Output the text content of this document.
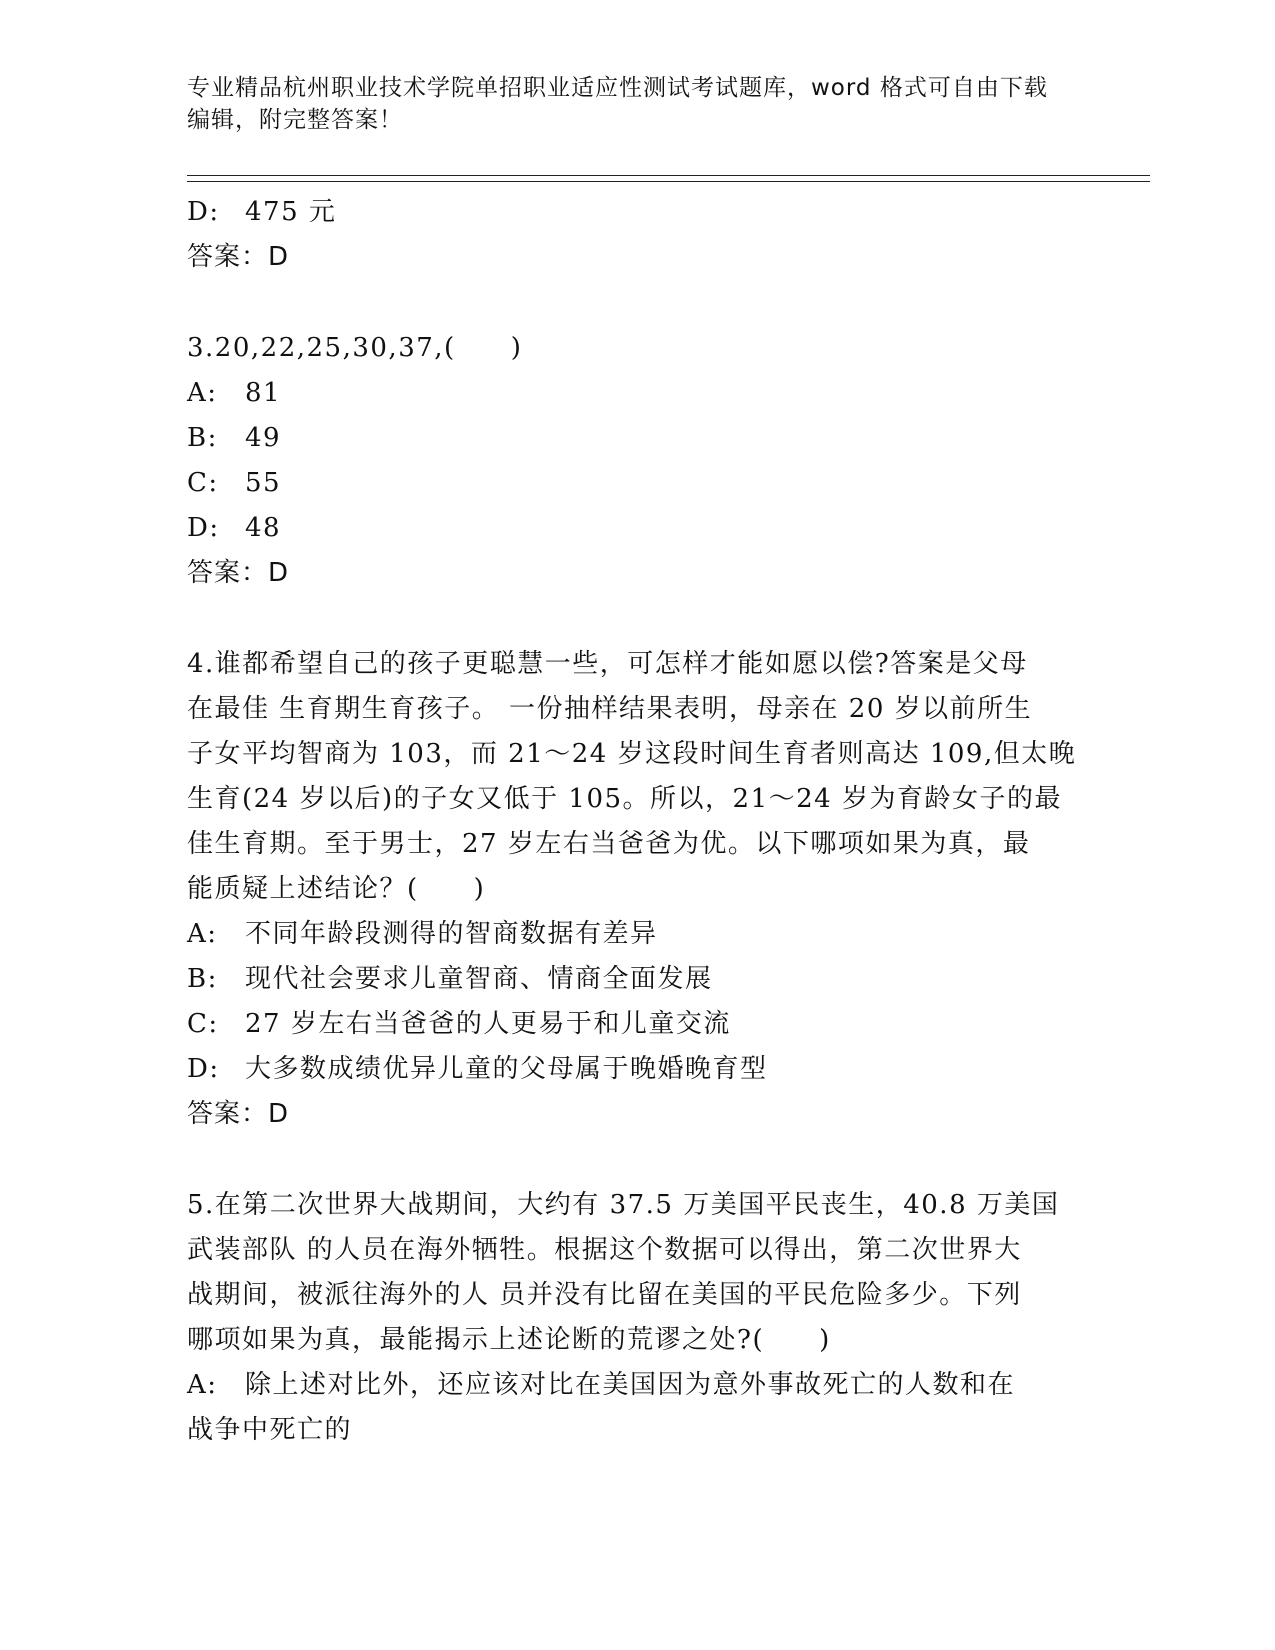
专业精品杭州职业技术学院单招职业适应性测试考试题库，word 格式可自由下载
编辑，附完整答案！
D: 475 元
答案：D
3.20,22,25,30,37,(　　)
A: 81
B: 49
C: 55
D: 48
答案：D
4.谁都希望自己的孩子更聪慧一些，可怎样才能如愿以偿?答案是父母
在最佳 生育期生育孩子。 一份抽样结果表明，母亲在 20 岁以前所生
子女平均智商为 103，而 21～24 岁这段时间生育者则高达 109,但太晚
生育(24 岁以后)的子女又低于 105。所以，21～24 岁为育龄女子的最
佳生育期。至于男士，27 岁左右当爸爸为优。以下哪项如果为真，最
能质疑上述结论？(　　)
A: 不同年龄段测得的智商数据有差异
B: 现代社会要求儿童智商、情商全面发展
C: 27 岁左右当爸爸的人更易于和儿童交流
D: 大多数成绩优异儿童的父母属于晚婚晚育型
答案：D
5.在第二次世界大战期间，大约有 37.5 万美国平民丧生，40.8 万美国
武装部队 的人员在海外牺牲。根据这个数据可以得出，第二次世界大
战期间，被派往海外的人 员并没有比留在美国的平民危险多少。下列
哪项如果为真，最能揭示上述论断的荒谬之处?(　　)
A: 除上述对比外，还应该对比在美国因为意外事故死亡的人数和在
战争中死亡的
